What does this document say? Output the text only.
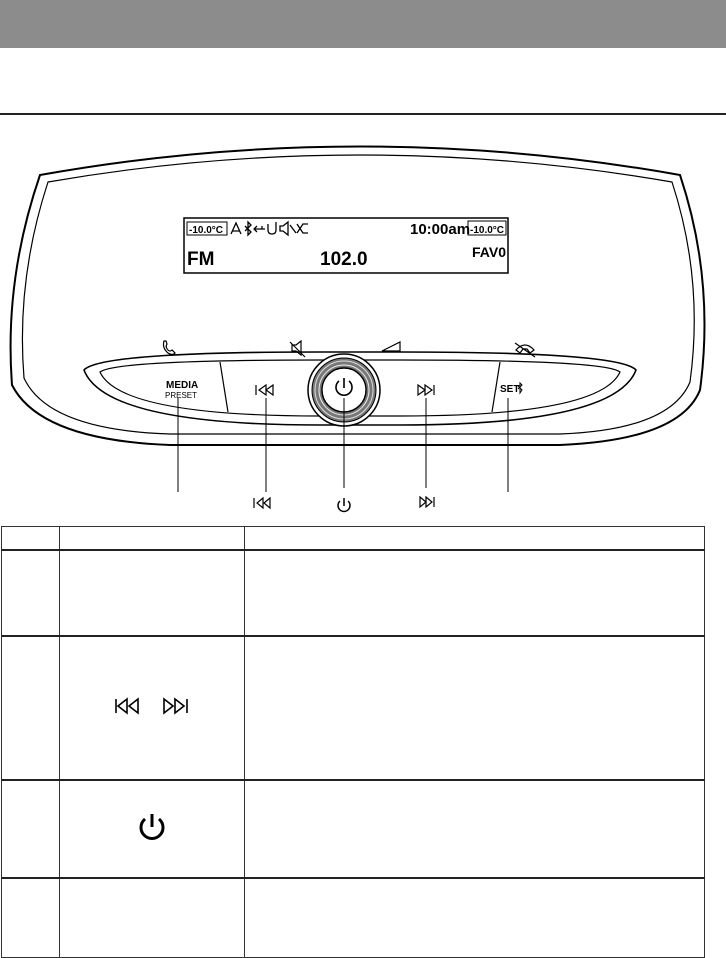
-10.0°C	10:00am -10.0°C
FM	102.0	FAV0
MEDIA
PRESET
SET
